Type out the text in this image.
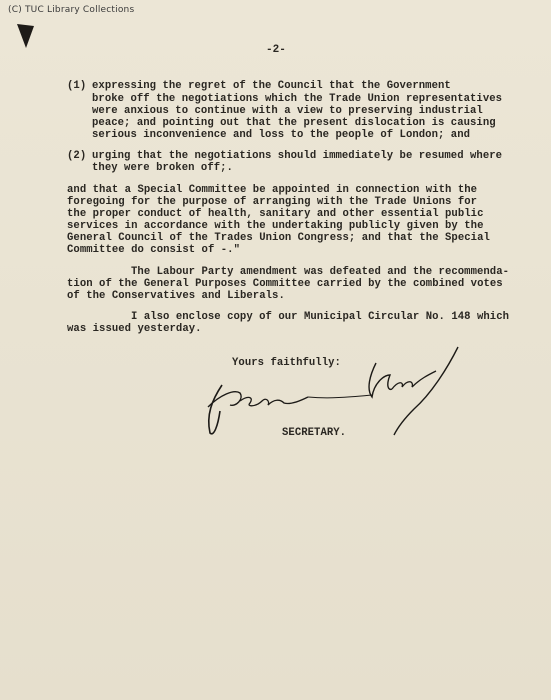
(C) TUC Library Collections
-2-
(1) expressing the regret of the Council that the Government
broke off the negotiations which the Trade Union representatives
were anxious to continue with a view to preserving industrial
peace; and pointing out that the present dislocation is causing
serious inconvenience and loss to the people of London; and
(2) urging that the negotiations should immediately be resumed where
they were broken off;.
and that a Special Committee be appointed in connection with the
foregoing for the purpose of arranging with the Trade Unions for
the proper conduct of health, sanitary and other essential public
services in accordance with the undertaking publicly given by the
General Council of the Trades Union Congress; and that the Special
Committee do consist of -."
The Labour Party amendment was defeated and the recommenda-
tion of the General Purposes Committee carried by the combined votes
of the Conservatives and Liberals.
I also enclose copy of our Municipal Circular No. 148 which
was issued yesterday.
Yours faithfully:
SECRETARY.
